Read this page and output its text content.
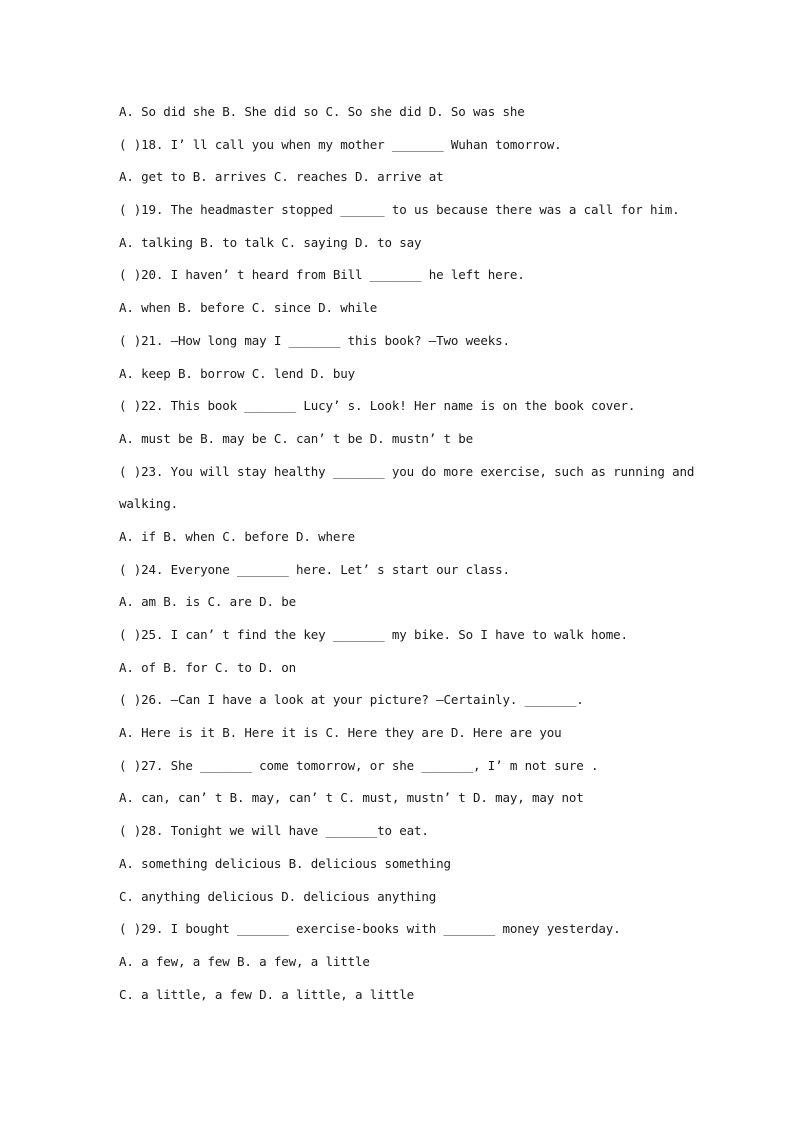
A. So did she B. She did so C. So she did D. So was she
( )18. I’ ll call you when my mother _______ Wuhan tomorrow.
A. get to B. arrives C. reaches D. arrive at
( )19. The headmaster stopped ______ to us because there was a call for him.
A. talking B. to talk C. saying D. to say
( )20. I haven’ t heard from Bill _______ he left here.
A. when B. before C. since D. while
( )21. —How long may I _______ this book? —Two weeks.
A. keep B. borrow C. lend D. buy
( )22. This book _______ Lucy’ s. Look! Her name is on the book cover.
A. must be B. may be C. can’ t be D. mustn’ t be
( )23. You will stay healthy _______ you do more exercise, such as running and
walking.
A. if B. when C. before D. where
( )24. Everyone _______ here. Let’ s start our class.
A. am B. is C. are D. be
( )25. I can’ t find the key _______ my bike. So I have to walk home.
A. of B. for C. to D. on
( )26. —Can I have a look at your picture? —Certainly. _______.
A. Here is it B. Here it is C. Here they are D. Here are you
( )27. She _______ come tomorrow, or she _______, I’ m not sure .
A. can, can’ t B. may, can’ t C. must, mustn’ t D. may, may not
( )28. Tonight we will have _______to eat.
A. something delicious B. delicious something
C. anything delicious D. delicious anything
( )29. I bought _______ exercise-books with _______ money yesterday.
A. a few, a few B. a few, a little
C. a little, a few D. a little, a little
